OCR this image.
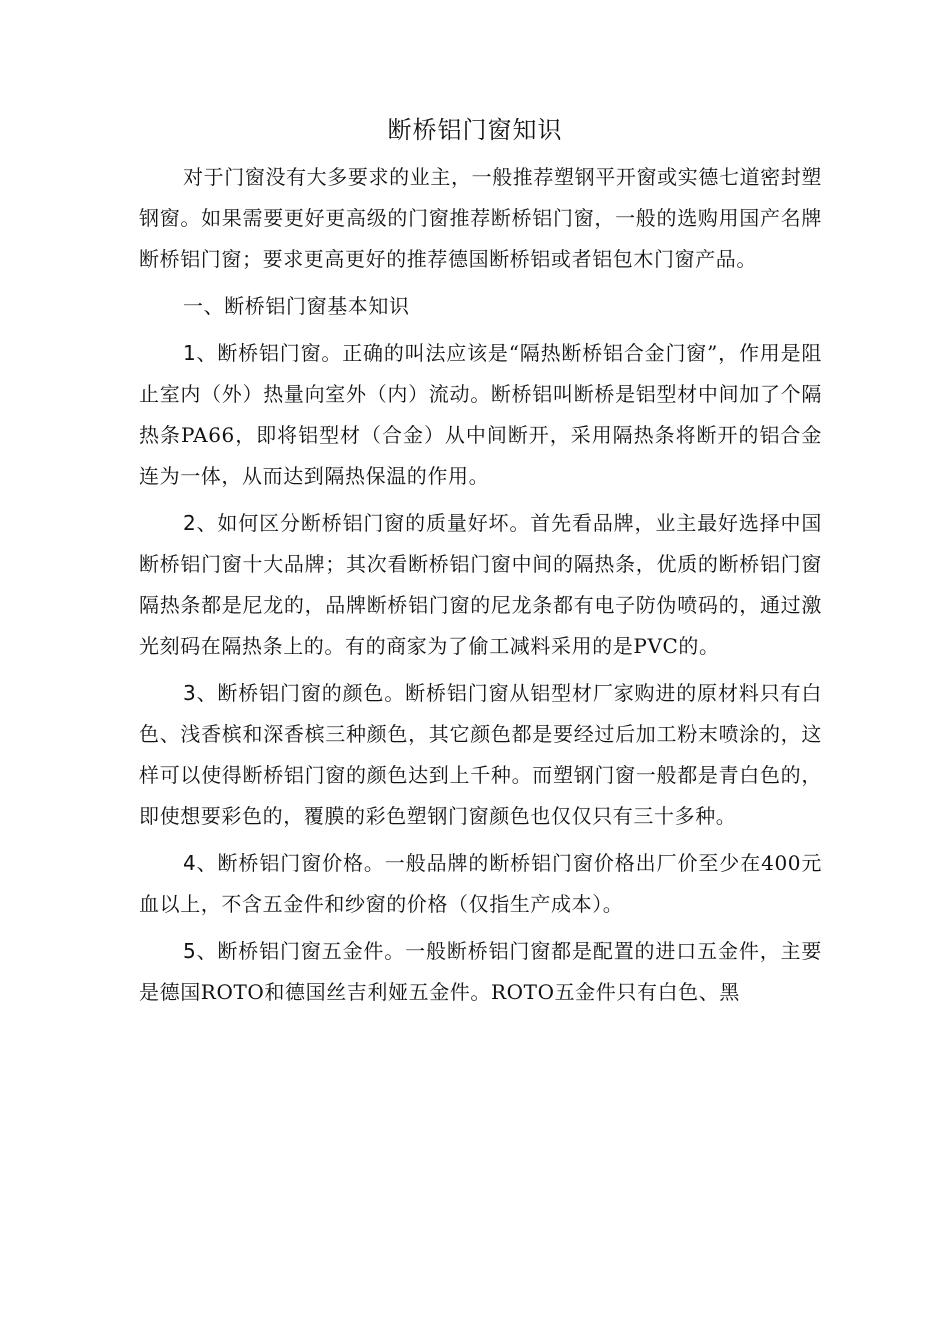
断桥铝门窗知识

对于门窗没有大多要求的业主，一般推荐塑钢平开窗或实德七道密封塑钢窗。如果需要更好更高级的门窗推荐断桥铝门窗，一般的选购用国产名牌断桥铝门窗；要求更高更好的推荐德国断桥铝或者铝包木门窗产品。

一、断桥铝门窗基本知识

1、断桥铝门窗。正确的叫法应该是“隔热断桥铝合金门窗”，作用是阻止室内（外）热量向室外（内）流动。断桥铝叫断桥是铝型材中间加了个隔热条PA66，即将铝型材（合金）从中间断开，采用隔热条将断开的铝合金连为一体，从而达到隔热保温的作用。

2、如何区分断桥铝门窗的质量好坏。首先看品牌，业主最好选择中国断桥铝门窗十大品牌；其次看断桥铝门窗中间的隔热条，优质的断桥铝门窗隔热条都是尼龙的，品牌断桥铝门窗的尼龙条都有电子防伪喷码的，通过激光刻码在隔热条上的。有的商家为了偷工减料采用的是PVC的。

3、断桥铝门窗的颜色。断桥铝门窗从铝型材厂家购进的原材料只有白色、浅香槟和深香槟三种颜色，其它颜色都是要经过后加工粉末喷涂的，这样可以使得断桥铝门窗的颜色达到上千种。而塑钢门窗一般都是青白色的，即使想要彩色的，覆膜的彩色塑钢门窗颜色也仅仅只有三十多种。

4、断桥铝门窗价格。一般品牌的断桥铝门窗价格出厂价至少在400元血以上，不含五金件和纱窗的价格（仅指生产成本）。

5、断桥铝门窗五金件。一般断桥铝门窗都是配置的进口五金件，主要是德国ROTO和德国丝吉利娅五金件。ROTO五金件只有白色、黑
